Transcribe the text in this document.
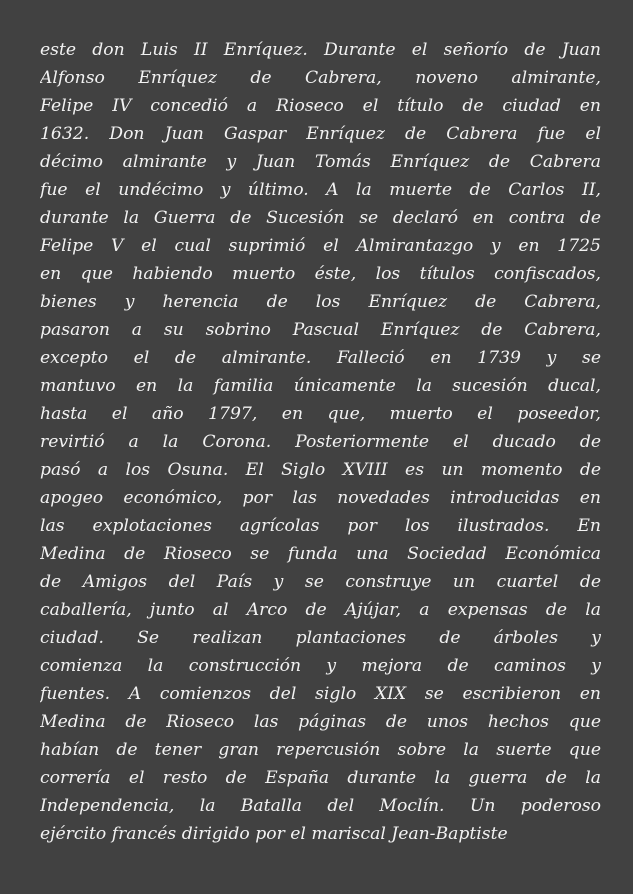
este don Luis II Enríquez. Durante el señorío de Juan
Alfonso Enríquez de Cabrera, noveno almirante,
Felipe IV concedió a Rioseco el título de ciudad en
1632. Don Juan Gaspar Enríquez de Cabrera fue el
décimo almirante y Juan Tomás Enríquez de Cabrera
fue el undécimo y último. A la muerte de Carlos II,
durante la Guerra de Sucesión se declaró en contra de
Felipe V el cual suprimió el Almirantazgo y en 1725
en que habiendo muerto éste, los títulos confiscados,
bienes y herencia de los Enríquez de Cabrera,
pasaron a su sobrino Pascual Enríquez de Cabrera,
excepto el de almirante. Falleció en 1739 y se
mantuvo en la familia únicamente la sucesión ducal,
hasta el año 1797, en que, muerto el poseedor,
revirtió a la Corona. Posteriormente el ducado de
pasó a los Osuna. El Siglo XVIII es un momento de
apogeo económico, por las novedades introducidas en
las explotaciones agrícolas por los ilustrados. En
Medina de Rioseco se funda una Sociedad Económica
de Amigos del País y se construye un cuartel de
caballería, junto al Arco de Ajújar, a expensas de la
ciudad. Se realizan plantaciones de árboles y
comienza la construcción y mejora de caminos y
fuentes. A comienzos del siglo XIX se escribieron en
Medina de Rioseco las páginas de unos hechos que
habían de tener gran repercusión sobre la suerte que
correría el resto de España durante la guerra de la
Independencia, la Batalla del Moclín. Un poderoso
ejército francés dirigido por el mariscal Jean-Baptiste
